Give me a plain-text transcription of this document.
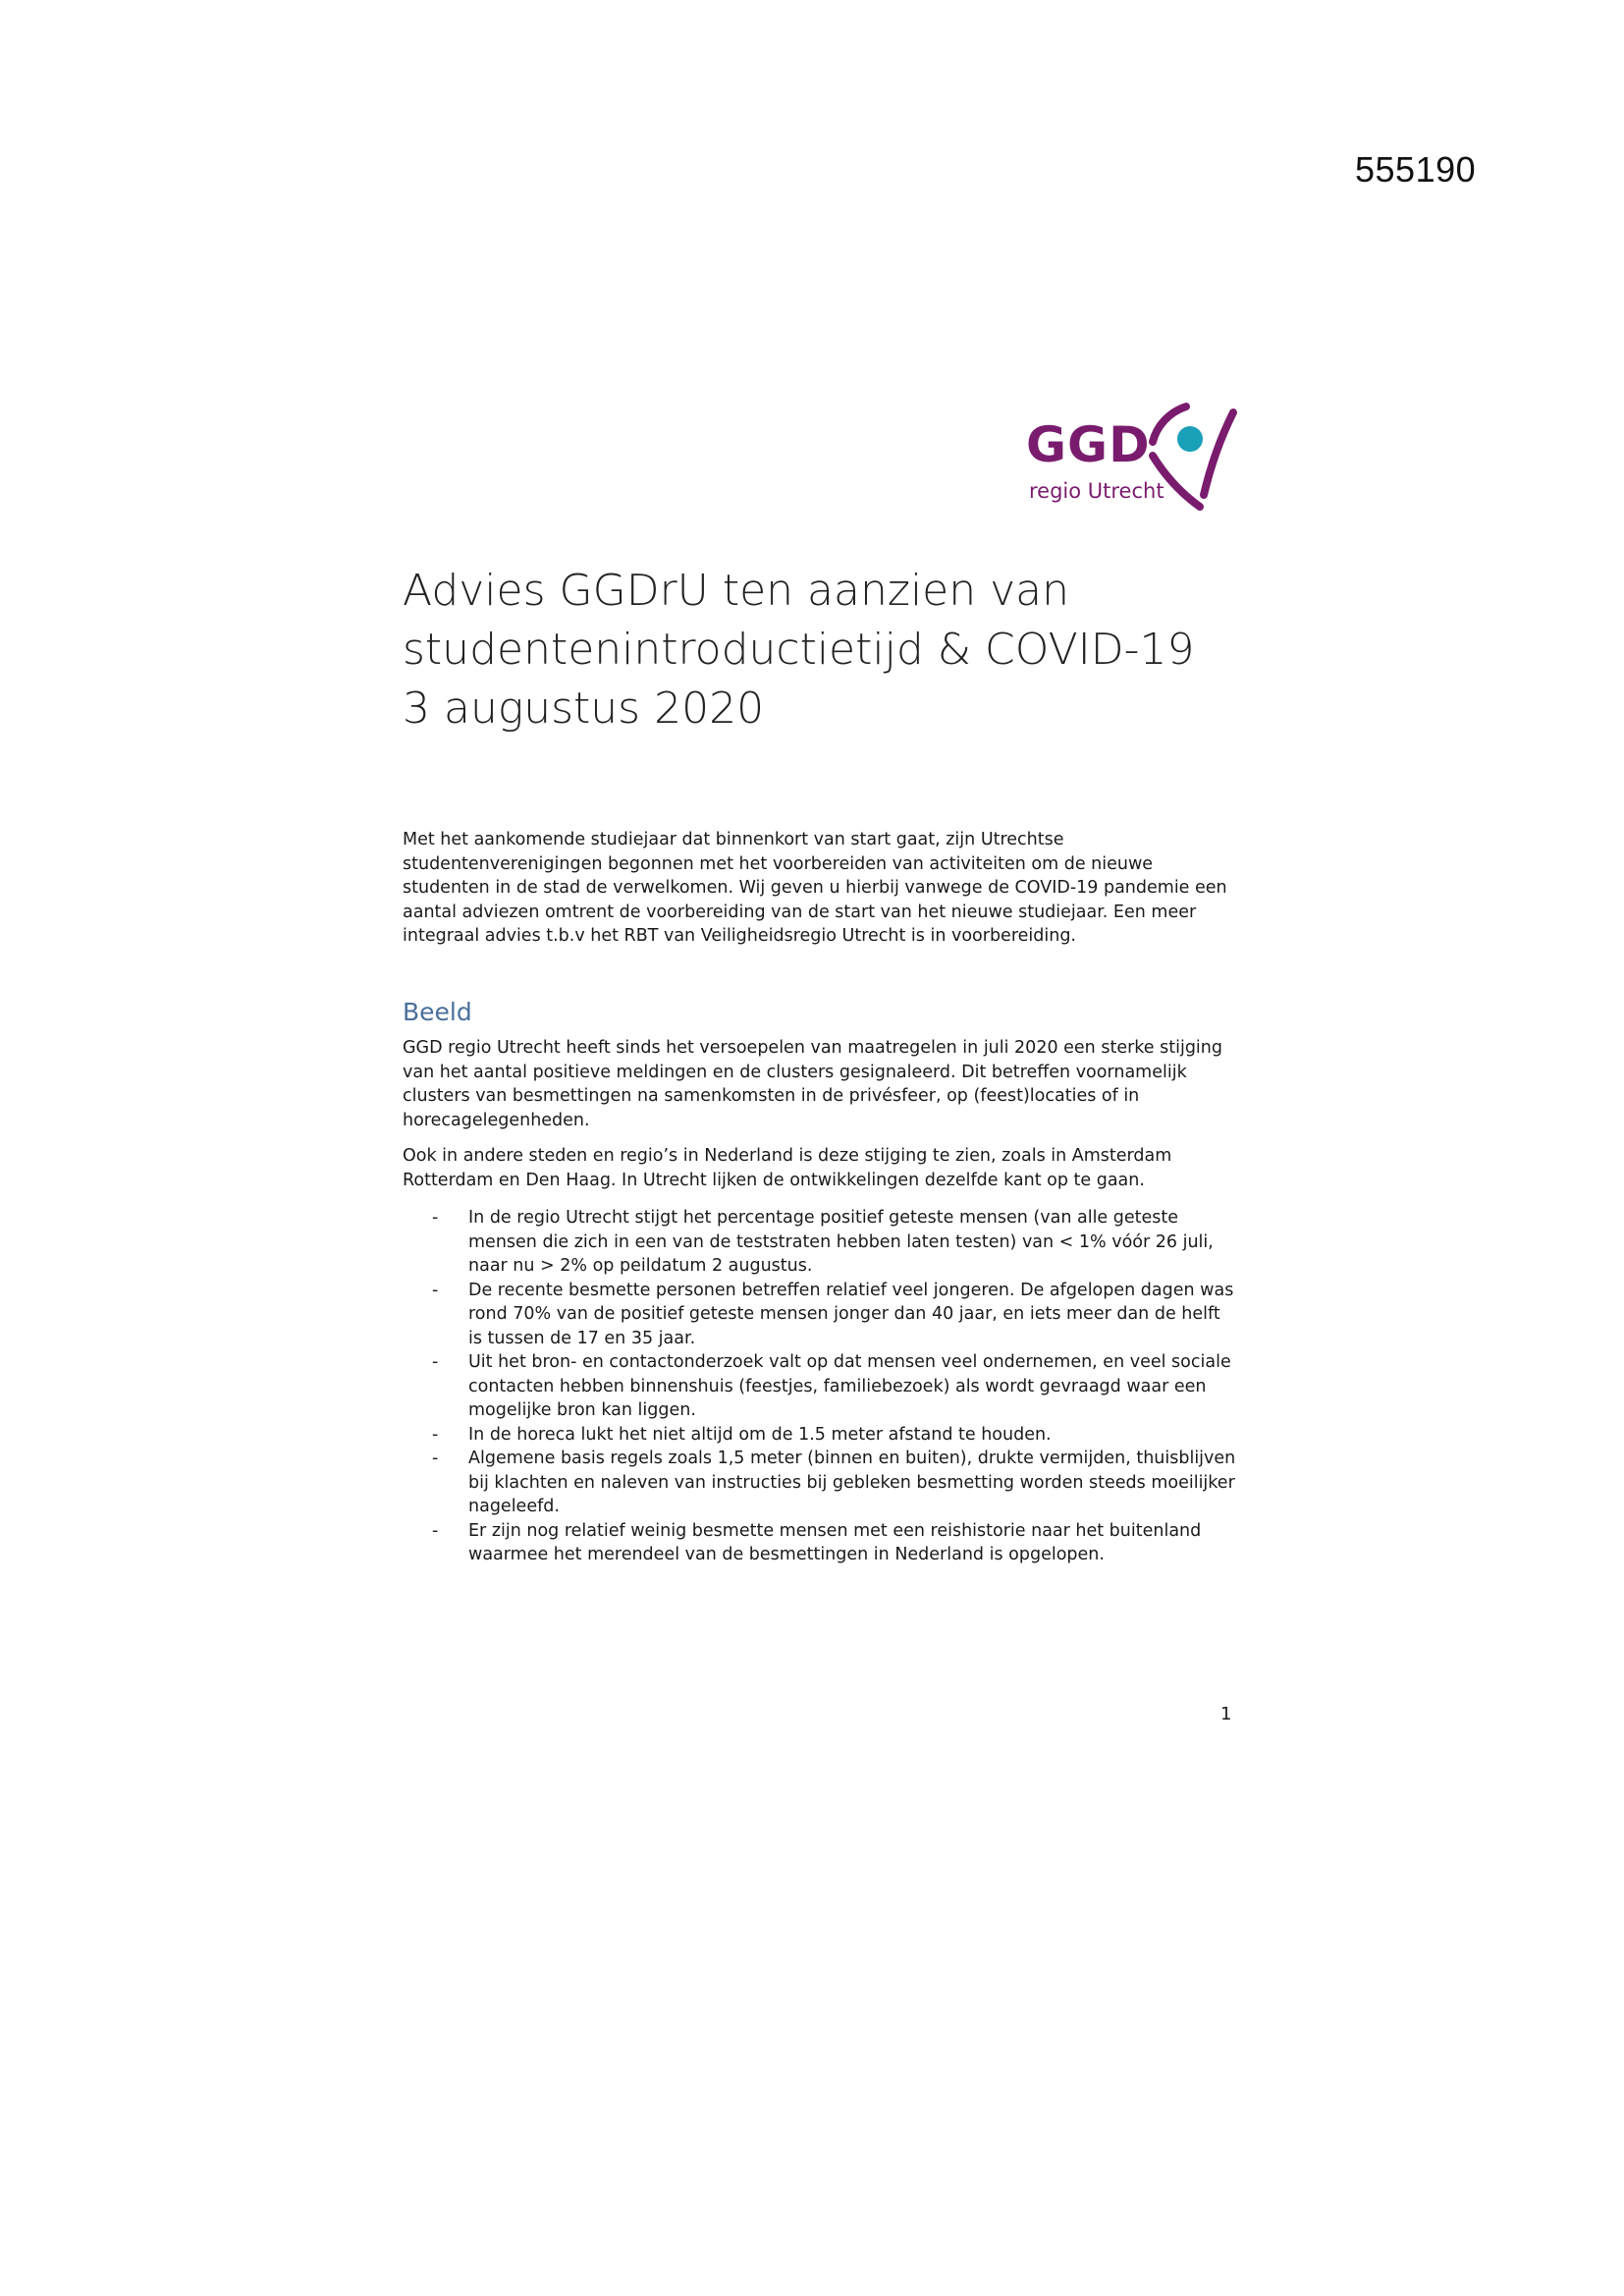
555190
GGD
regio Utrecht
Advies GGDrU ten aanzien van
studentenintroductietijd & COVID-19
3 augustus 2020

Met het aankomende studiejaar dat binnenkort van start gaat, zijn Utrechtse studentenverenigingen begonnen met het voorbereiden van activiteiten om de nieuwe studenten in de stad de verwelkomen. Wij geven u hierbij vanwege de COVID-19 pandemie een aantal adviezen omtrent de voorbereiding van de start van het nieuwe studiejaar. Een meer integraal advies t.b.v het RBT van Veiligheidsregio Utrecht is in voorbereiding.

Beeld

GGD regio Utrecht heeft sinds het versoepelen van maatregelen in juli 2020 een sterke stijging van het aantal positieve meldingen en de clusters gesignaleerd. Dit betreffen voornamelijk clusters van besmettingen na samenkomsten in de privésfeer, op (feest)locaties of in horecagelegenheden.

Ook in andere steden en regio’s in Nederland is deze stijging te zien, zoals in Amsterdam Rotterdam en Den Haag. In Utrecht lijken de ontwikkelingen dezelfde kant op te gaan.

- In de regio Utrecht stijgt het percentage positief geteste mensen (van alle geteste mensen die zich in een van de teststraten hebben laten testen) van < 1% vóór 26 juli, naar nu > 2% op peildatum 2 augustus.
- De recente besmette personen betreffen relatief veel jongeren. De afgelopen dagen was rond 70% van de positief geteste mensen jonger dan 40 jaar, en iets meer dan de helft is tussen de 17 en 35 jaar.
- Uit het bron- en contactonderzoek valt op dat mensen veel ondernemen, en veel sociale contacten hebben binnenshuis (feestjes, familiebezoek) als wordt gevraagd waar een mogelijke bron kan liggen.
- In de horeca lukt het niet altijd om de 1.5 meter afstand te houden.
- Algemene basis regels zoals 1,5 meter (binnen en buiten), drukte vermijden, thuisblijven bij klachten en naleven van instructies bij gebleken besmetting worden steeds moeilijker nageleefd.
- Er zijn nog relatief weinig besmette mensen met een reishistorie naar het buitenland waarmee het merendeel van de besmettingen in Nederland is opgelopen.
1
